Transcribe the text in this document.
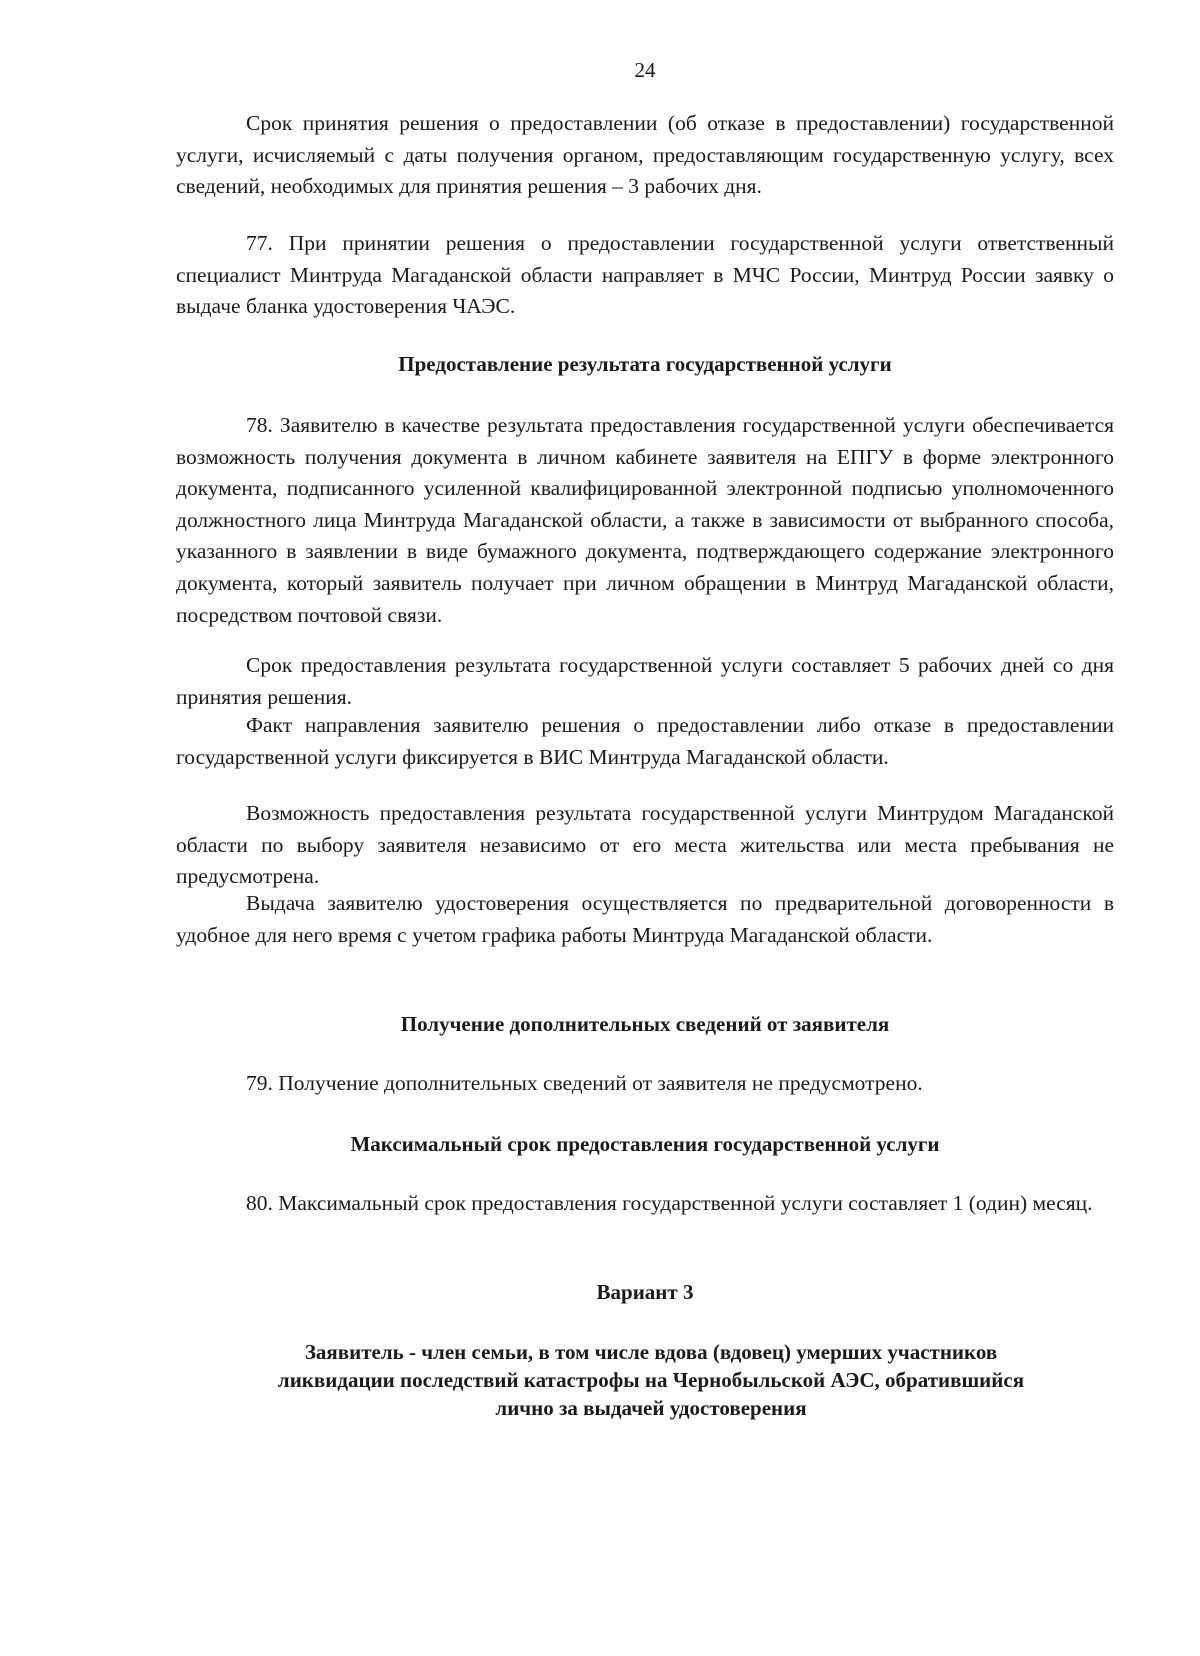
24

Срок принятия решения о предоставлении (об отказе в предоставлении) государственной услуги, исчисляемый с даты получения органом, предоставляющим государственную услугу, всех сведений, необходимых для принятия решения – 3 рабочих дня.

77. При принятии решения о предоставлении государственной услуги ответственный специалист Минтруда Магаданской области направляет в МЧС России, Минтруд России заявку о выдаче бланка удостоверения ЧАЭС.

Предоставление результата государственной услуги

78. Заявителю в качестве результата предоставления государственной услуги обеспечивается возможность получения документа в личном кабинете заявителя на ЕПГУ в форме электронного документа, подписанного усиленной квалифицированной электронной подписью уполномоченного должностного лица Минтруда Магаданской области, а также в зависимости от выбранного способа, указанного в заявлении в виде бумажного документа, подтверждающего содержание электронного документа, который заявитель получает при личном обращении в Минтруд Магаданской области, посредством почтовой связи.

Срок предоставления результата государственной услуги составляет 5 рабочих дней со дня принятия решения.

Факт направления заявителю решения о предоставлении либо отказе в предоставлении государственной услуги фиксируется в ВИС Минтруда Магаданской области.

Возможность предоставления результата государственной услуги Минтрудом Магаданской области по выбору заявителя независимо от его места жительства или места пребывания не предусмотрена.

Выдача заявителю удостоверения осуществляется по предварительной договоренности в удобное для него время с учетом графика работы Минтруда Магаданской области.

Получение дополнительных сведений от заявителя

79. Получение дополнительных сведений от заявителя не предусмотрено.

Максимальный срок предоставления государственной услуги

80. Максимальный срок предоставления государственной услуги составляет 1 (один) месяц.

Вариант 3
Заявитель - член семьи, в том числе вдова (вдовец) умерших участников ликвидации последствий катастрофы на Чернобыльской АЭС, обратившийся лично за выдачей удостоверения
